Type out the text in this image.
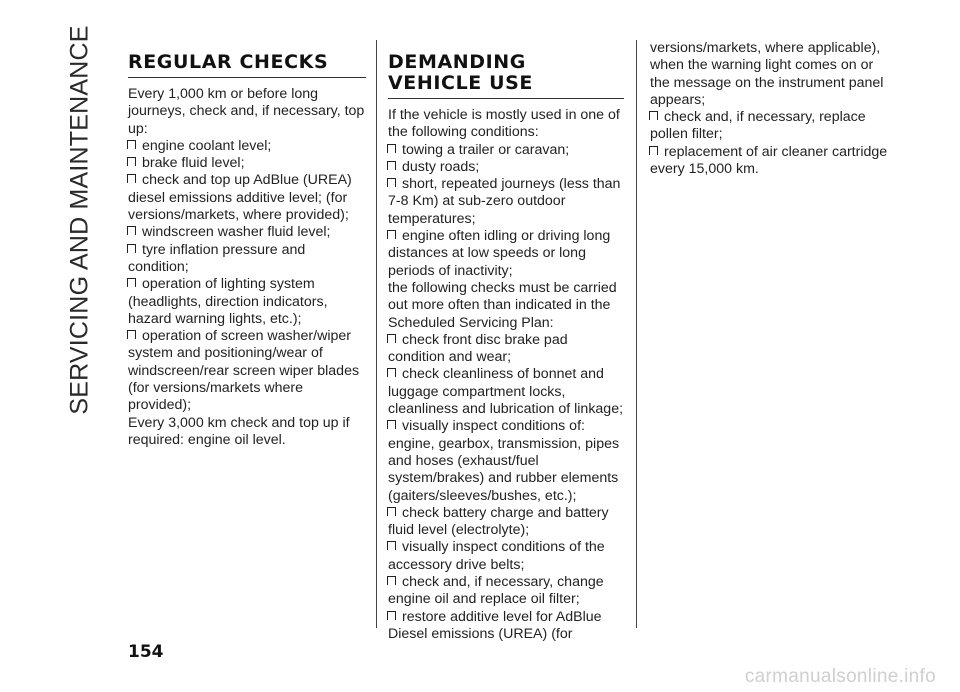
SERVICING AND MAINTENANCE REGULAR CHECKS

Every 1,000 km or before long journeys, check and, if necessary, top up:

engine coolant level;

brake fluid level;

check and top up AdBlue (UREA) diesel emissions additive level; (for versions/markets, where provided);

windscreen washer fluid level;

tyre inflation pressure and condition;

operation of lighting system (headlights, direction indicators, hazard warning lights, etc.);

operation of screen washer/wiper system and positioning/wear of windscreen/rear screen wiper blades (for versions/markets where provided);

Every 3,000 km check and top up if required: engine oil level.

DEMANDING
VEHICLE USE

If the vehicle is mostly used in one of the following conditions:

towing a trailer or caravan;

dusty roads;

short, repeated journeys (less than 7-8 Km) at sub-zero outdoor temperatures;

engine often idling or driving long distances at low speeds or long periods of inactivity;

the following checks must be carried out more often than indicated in the Scheduled Servicing Plan:

check front disc brake pad condition and wear;

check cleanliness of bonnet and luggage compartment locks, cleanliness and lubrication of linkage;

visually inspect conditions of: engine, gearbox, transmission, pipes and hoses (exhaust/fuel system/brakes) and rubber elements (gaiters/sleeves/bushes, etc.);

check battery charge and battery fluid level (electrolyte);

visually inspect conditions of the accessory drive belts;

check and, if necessary, change engine oil and replace oil filter;

restore additive level for AdBlue Diesel emissions (UREA) (for

versions/markets, where applicable), when the warning light comes on or the message on the instrument panel appears;

check and, if necessary, replace pollen filter;

replacement of air cleaner cartridge every 15,000 km.

154
carmanualsonline.info
